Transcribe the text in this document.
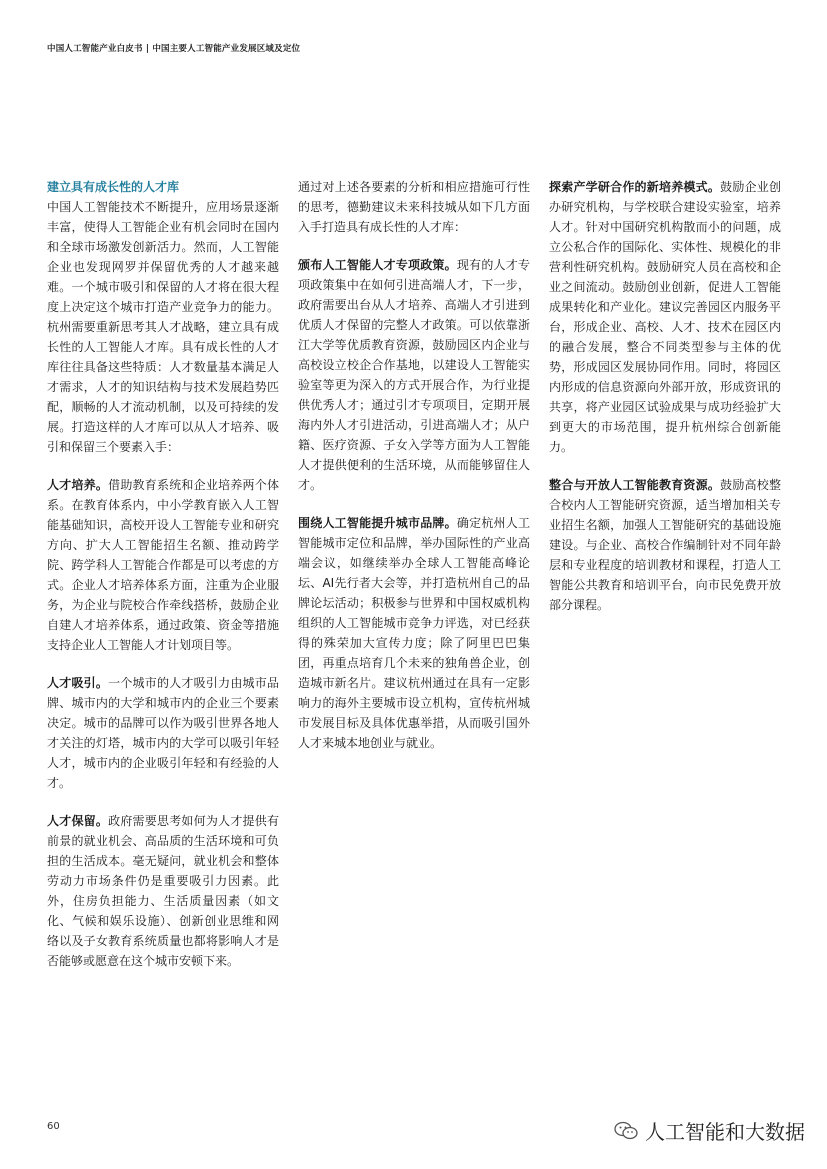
中国人工智能产业白皮书 | 中国主要人工智能产业发展区域及定位

建立具有成长性的人才库
中国人工智能技术不断提升，应用场景逐渐丰富，使得人工智能企业有机会同时在国内和全球市场激发创新活力。然而，人工智能企业也发现网罗并保留优秀的人才越来越难。一个城市吸引和保留的人才将在很大程度上决定这个城市打造产业竞争力的能力。杭州需要重新思考其人才战略，建立具有成长性的人工智能人才库。具有成长性的人才库往往具备这些特质：人才数量基本满足人才需求，人才的知识结构与技术发展趋势匹配，顺畅的人才流动机制，以及可持续的发展。打造这样的人才库可以从人才培养、吸引和保留三个要素入手：

人才培养。借助教育系统和企业培养两个体系。在教育体系内，中小学教育嵌入人工智能基础知识，高校开设人工智能专业和研究方向、扩大人工智能招生名额、推动跨学院、跨学科人工智能合作都是可以考虑的方式。企业人才培养体系方面，注重为企业服务，为企业与院校合作牵线搭桥，鼓励企业自建人才培养体系，通过政策、资金等措施支持企业人工智能人才计划项目等。

人才吸引。一个城市的人才吸引力由城市品牌、城市内的大学和城市内的企业三个要素决定。城市的品牌可以作为吸引世界各地人才关注的灯塔，城市内的大学可以吸引年轻人才，城市内的企业吸引年轻和有经验的人才。

人才保留。政府需要思考如何为人才提供有前景的就业机会、高品质的生活环境和可负担的生活成本。毫无疑问，就业机会和整体劳动力市场条件仍是重要吸引力因素。此外，住房负担能力、生活质量因素（如文化、气候和娱乐设施）、创新创业思维和网络以及子女教育系统质量也都将影响人才是否能够或愿意在这个城市安顿下来。

通过对上述各要素的分析和相应措施可行性的思考，德勤建议未来科技城从如下几方面入手打造具有成长性的人才库：

颁布人工智能人才专项政策。现有的人才专项政策集中在如何引进高端人才，下一步，政府需要出台从人才培养、高端人才引进到优质人才保留的完整人才政策。可以依靠浙江大学等优质教育资源，鼓励园区内企业与高校设立校企合作基地，以建设人工智能实验室等更为深入的方式开展合作，为行业提供优秀人才；通过引才专项项目，定期开展海内外人才引进活动，引进高端人才；从户籍、医疗资源、子女入学等方面为人工智能人才提供便利的生活环境，从而能够留住人才。

围绕人工智能提升城市品牌。确定杭州人工智能城市定位和品牌，举办国际性的产业高端会议，如继续举办全球人工智能高峰论坛、AI先行者大会等，并打造杭州自己的品牌论坛活动；积极参与世界和中国权威机构组织的人工智能城市竞争力评选，对已经获得的殊荣加大宣传力度；除了阿里巴巴集团，再重点培育几个未来的独角兽企业，创造城市新名片。建议杭州通过在具有一定影响力的海外主要城市设立机构，宣传杭州城市发展目标及具体优惠举措，从而吸引国外人才来城本地创业与就业。

探索产学研合作的新培养模式。鼓励企业创办研究机构，与学校联合建设实验室，培养人才。针对中国研究机构散而小的问题，成立公私合作的国际化、实体性、规模化的非营利性研究机构。鼓励研究人员在高校和企业之间流动。鼓励创业创新，促进人工智能成果转化和产业化。建议完善园区内服务平台，形成企业、高校、人才、技术在园区内的融合发展，整合不同类型参与主体的优势，形成园区发展协同作用。同时，将园区内形成的信息资源向外部开放，形成资讯的共享，将产业园区试验成果与成功经验扩大到更大的市场范围，提升杭州综合创新能力。

整合与开放人工智能教育资源。鼓励高校整合校内人工智能研究资源，适当增加相关专业招生名额，加强人工智能研究的基础设施建设。与企业、高校合作编制针对不同年龄层和专业程度的培训教材和课程，打造人工智能公共教育和培训平台，向市民免费开放部分课程。

60	人工智能和大数据
